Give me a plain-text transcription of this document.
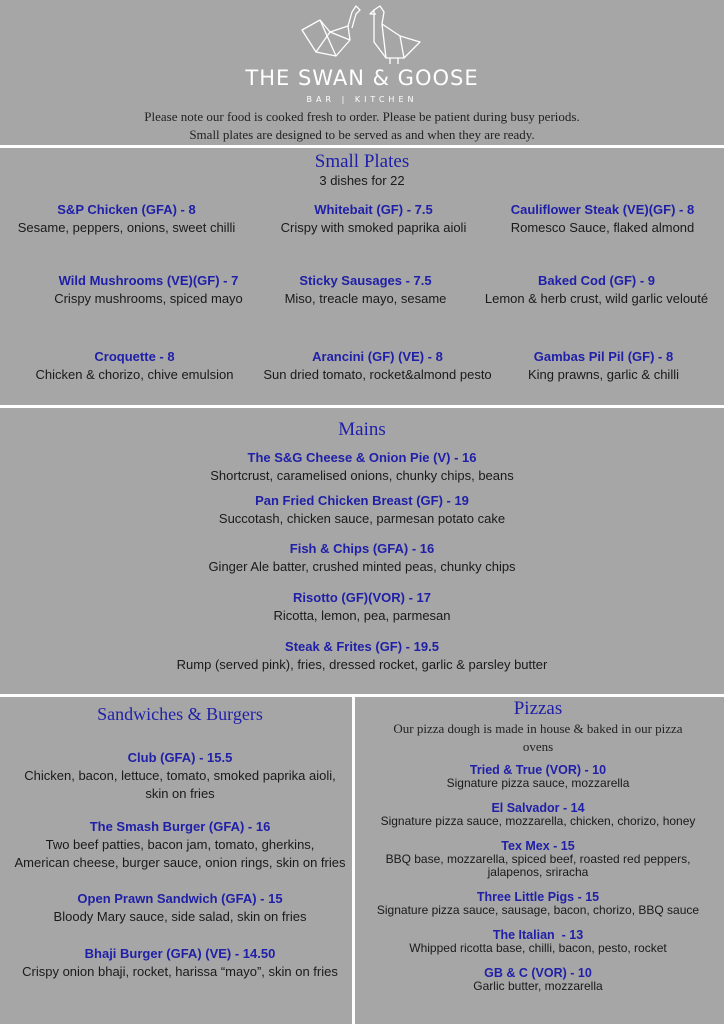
THE SWAN & GOOSE
BAR | KITCHEN
Please note our food is cooked fresh to order. Please be patient during busy periods.
Small plates are designed to be served as and when they are ready.
Small Plates
3 dishes for 22
S&P Chicken (GFA) - 8
Sesame, peppers, onions, sweet chilli
Whitebait (GF) - 7.5
Crispy with smoked paprika aioli
Cauliflower Steak (VE)(GF) - 8
Romesco Sauce, flaked almond
Wild Mushrooms (VE)(GF) - 7
Crispy mushrooms, spiced mayo
Sticky Sausages - 7.5
Miso, treacle mayo, sesame
Baked Cod (GF) - 9
Lemon & herb crust, wild garlic velouté
Croquette - 8
Chicken & chorizo, chive emulsion
Arancini (GF) (VE) - 8
Sun dried tomato, rocket&almond pesto
Gambas Pil Pil (GF) - 8
King prawns, garlic & chilli
Mains
The S&G Cheese & Onion Pie (V) - 16
Shortcrust, caramelised onions, chunky chips, beans
Pan Fried Chicken Breast (GF) - 19
Succotash, chicken sauce, parmesan potato cake
Fish & Chips (GFA) - 16
Ginger Ale batter, crushed minted peas, chunky chips
Risotto (GF)(VOR) - 17
Ricotta, lemon, pea, parmesan
Steak & Frites (GF) - 19.5
Rump (served pink), fries, dressed rocket, garlic & parsley butter
Sandwiches & Burgers
Club (GFA) - 15.5
Chicken, bacon, lettuce, tomato, smoked paprika aioli,
skin on fries
The Smash Burger (GFA) - 16
Two beef patties, bacon jam, tomato, gherkins,
American cheese, burger sauce, onion rings, skin on fries
Open Prawn Sandwich (GFA) - 15
Bloody Mary sauce, side salad, skin on fries
Bhaji Burger (GFA) (VE) - 14.50
Crispy onion bhaji, rocket, harissa “mayo”, skin on fries
Pizzas
Our pizza dough is made in house & baked in our pizza
ovens
Tried & True (VOR) - 10
Signature pizza sauce, mozzarella
El Salvador - 14
Signature pizza sauce, mozzarella, chicken, chorizo, honey
Tex Mex - 15
BBQ base, mozzarella, spiced beef, roasted red peppers,
jalapenos, sriracha
Three Little Pigs - 15
Signature pizza sauce, sausage, bacon, chorizo, BBQ sauce
The Italian  - 13
Whipped ricotta base, chilli, bacon, pesto, rocket
GB & C (VOR) - 10
Garlic butter, mozzarella
